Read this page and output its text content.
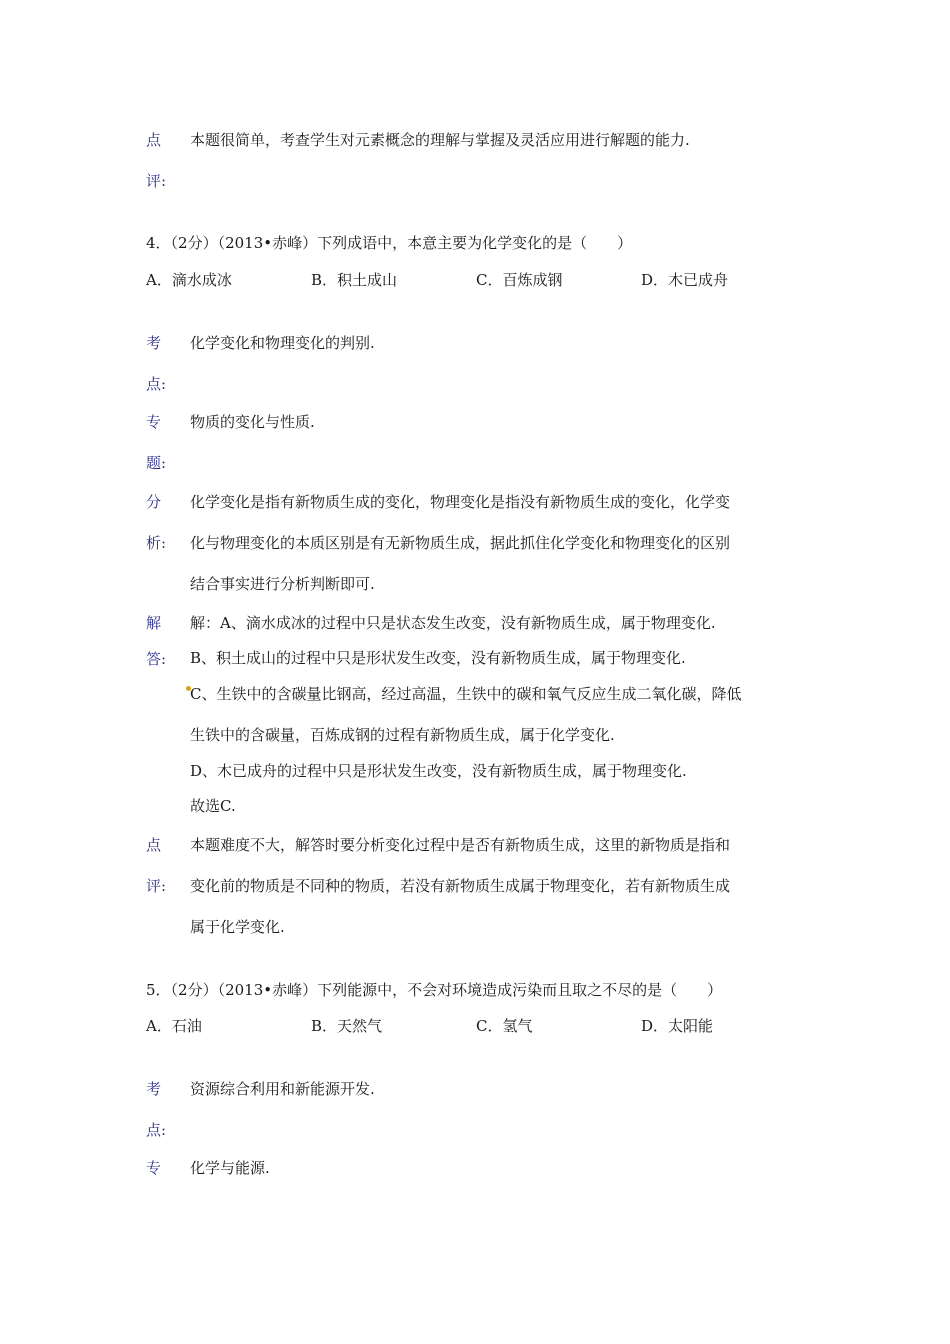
点 本题很简单，考查学生对元素概念的理解与掌握及灵活应用进行解题的能力.
评:
4．（2分）（2013•赤峰）下列成语中，本意主要为化学变化的是（　　）
A．滴水成冰	B．积土成山	C．百炼成钢	D．木已成舟
考 化学变化和物理变化的判别.
点:
专 物质的变化与性质.
题:
分
析:
化学变化是指有新物质生成的变化，物理变化是指没有新物质生成的变化，化学变
化与物理变化的本质区别是有无新物质生成，据此抓住化学变化和物理变化的区别
结合事实进行分析判断即可.
解
答:
解：A、滴水成冰的过程中只是状态发生改变，没有新物质生成，属于物理变化.
B、积土成山的过程中只是形状发生改变，没有新物质生成，属于物理变化.
C、生铁中的含碳量比钢高，经过高温，生铁中的碳和氧气反应生成二氧化碳，降低
生铁中的含碳量，百炼成钢的过程有新物质生成，属于化学变化.
D、木已成舟的过程中只是形状发生改变，没有新物质生成，属于物理变化.
故选C.
点
评:
本题难度不大，解答时要分析变化过程中是否有新物质生成，这里的新物质是指和
变化前的物质是不同种的物质，若没有新物质生成属于物理变化，若有新物质生成
属于化学变化.
5．（2分）（2013•赤峰）下列能源中，不会对环境造成污染而且取之不尽的是（　　）
A．石油	B．天然气	C．氢气	D．太阳能
考 资源综合利用和新能源开发.
点:
专 化学与能源.
